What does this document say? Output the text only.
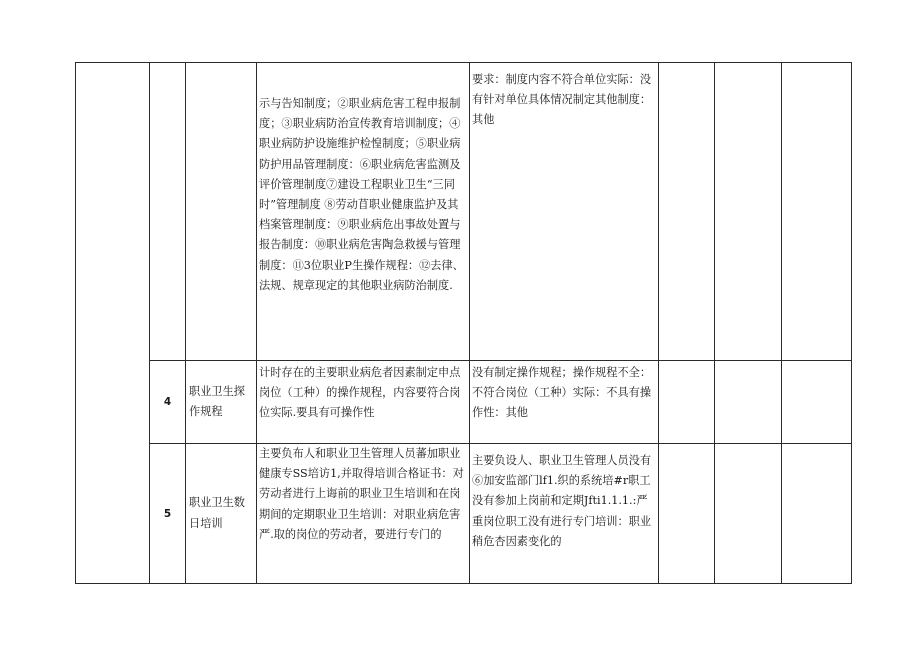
			示与告知制度；②职业病危害工程申报制度；③职业病防治宣传教育培训制度；④职业病防护设施维护检惶制度；⑤职业病防护用品管理制度：⑥职业病危害监测及评价管理制度⑦建设工程职业卫生“三同时”管理制度 ⑧劳动苜职业健康监护及其档案管理制度：⑨职业病危出事故处置与报告制度：⑩职业病危害陶急救援与管理制度：⑪3位职业P生操作规程：⑫去律、法规、规章现定的其他职业病防治制度.	要求：制度内容不符合单位实际：没有针对单位具体情况制定其他制度：其他			

	4	职业卫生探作规程	计时存在的主要职业病危者因素制定申点岗位（工种）的操作规程，内容要符合岗位实际.要具有可操作性	没有制定操作规程；操作规程不全：不符合岗位（工种）实际：不具有操作性：其他			

	5	职业卫生数日培训	主要负布人和职业卫生管理人员蕃加职业健康专SS培访1,并取得培训合格证书：对劳动者进行上诲前的职业卫生培训和在岗期间的定期职业卫生培训：对职业病危害严.取的岗位的劳动者，要进行专门的	主要负设人、职业卫生管理人员没有⑥加安监部门lf1.织的系统培#r职工没有参加上岗前和定期Jfti1.1.1.:严重岗位职工没有进行专门培训：职业稍危杏因素变化的			
